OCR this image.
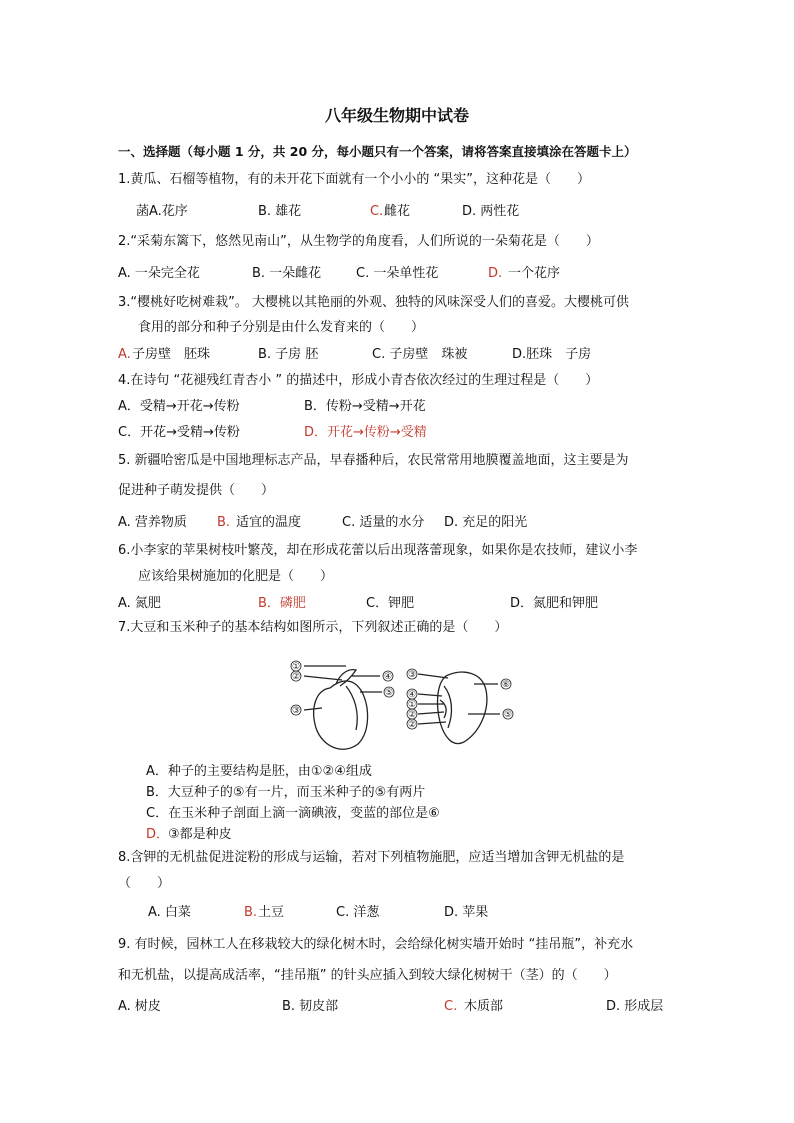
八年级生物期中试卷
一、选择题（每小题 1 分，共 20 分，每小题只有一个答案，请将答案直接填涂在答题卡上）
1.黄瓜、石榴等植物，有的未开花下面就有一个小小的 “果实”，这种花是（　　）
菡A.花序	B. 雄花	C. 雌花	D. 两性花
2.“采菊东篱下，悠然见南山”，从生物学的角度看，人们所说的一朵菊花是（　　）
A. 一朵完全花	B. 一朵雌花	C. 一朵单性花	D. 一个花序
3.“樱桃好吃树难栽”。 大樱桃以其艳丽的外观、独特的风味深受人们的喜爱。大樱桃可供
食用的部分和种子分别是由什么发育来的（　　）
A. 子房壁　胚珠	B. 子房 胚	C. 子房壁　珠被	D.胚珠　子房
4.在诗句 “花褪残红青杏小 ” 的描述中，形成小青杏依次经过的生理过程是（　　）
A．受精→开花→传粉	B．传粉→受精→开花
C．开花→受精→传粉	D．开花→传粉→受精
5. 新疆哈密瓜是中国地理标志产品，早春播种后，农民常常用地膜覆盖地面，这主要是为
促进种子萌发提供（　　）
A. 营养物质 B. 适宜的温度	C. 适量的水分 D. 充足的阳光
6.小李家的苹果树枝叶繁茂，却在形成花蕾以后出现落蕾现象，如果你是农技师，建议小李
应该给果树施加的化肥是（　　）
A. 氮肥	B．磷肥	C．钾肥	D．氮肥和钾肥
7.大豆和玉米种子的基本结构如图所示，下列叙述正确的是（　　）
①
②
③
④
⑤
③
④
①
②
②
⑥
⑤
A．种子的主要结构是胚，由①②④组成
B．大豆种子的⑤有一片，而玉米种子的⑤有两片
C．在玉米种子剖面上滴一滴碘液，变蓝的部位是⑥
D．
③都是种皮
8.含钾的无机盐促进淀粉的形成与运输，若对下列植物施肥，应适当增加含钾无机盐的是
（　　）
A. 白菜	B. 土豆	C. 洋葱	D. 苹果
9. 有时候，园林工人在移栽较大的绿化树木时，会给绿化树实墙开始时 “挂吊瓶”，补充水
和无机盐，以提高成活率，“挂吊瓶” 的针头应插入到较大绿化树树干（茎）的（　　）
A. 树皮	B. 韧皮部	C. 木质部	D. 形成层
